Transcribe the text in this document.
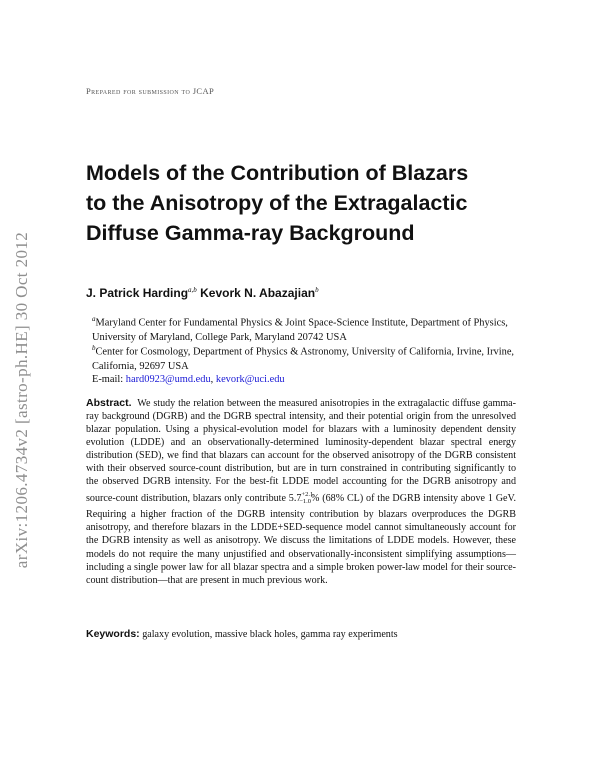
arXiv:1206.4734v2 [astro-ph.HE] 30 Oct 2012
Prepared for submission to JCAP
Models of the Contribution of Blazars
to the Anisotropy of the Extragalactic
Diffuse Gamma-ray Background
J. Patrick Harding$^{a,b}$ Kevork N. Abazajian$^b$
$^a$Maryland Center for Fundamental Physics & Joint Space-Science Institute, Department of Physics, University of Maryland, College Park, Maryland 20742 USA
$^b$Center for Cosmology, Department of Physics & Astronomy, University of California, Irvine, Irvine, California, 92697 USA
E-mail: hard0923@umd.edu, kevork@uci.edu
Abstract. We study the relation between the measured anisotropies in the extragalactic diffuse gamma-ray background (DGRB) and the DGRB spectral intensity, and their potential origin from the unresolved blazar population. Using a physical-evolution model for blazars with a luminosity dependent density evolution (LDDE) and an observationally-determined luminosity-dependent blazar spectral energy distribution (SED), we find that blazars can account for the observed anisotropy of the DGRB consistent with their observed source-count distribution, but are in turn constrained in contributing significantly to the observed DGRB intensity. For the best-fit LDDE model accounting for the DGRB anisotropy and source-count distribution, blazars only contribute $5.7^{+2.1}_{-1.0}\%$ (68% CL) of the DGRB intensity above 1 GeV. Requiring a higher fraction of the DGRB intensity contribution by blazars overproduces the DGRB anisotropy, and therefore blazars in the LDDE+SED-sequence model cannot simultaneously account for the DGRB intensity as well as anisotropy. We discuss the limitations of LDDE models. However, these models do not require the many unjustified and observationally-inconsistent simplifying assumptions—including a single power law for all blazar spectra and a simple broken power-law model for their source-count distribution—that are present in much previous work.
Keywords: galaxy evolution, massive black holes, gamma ray experiments
